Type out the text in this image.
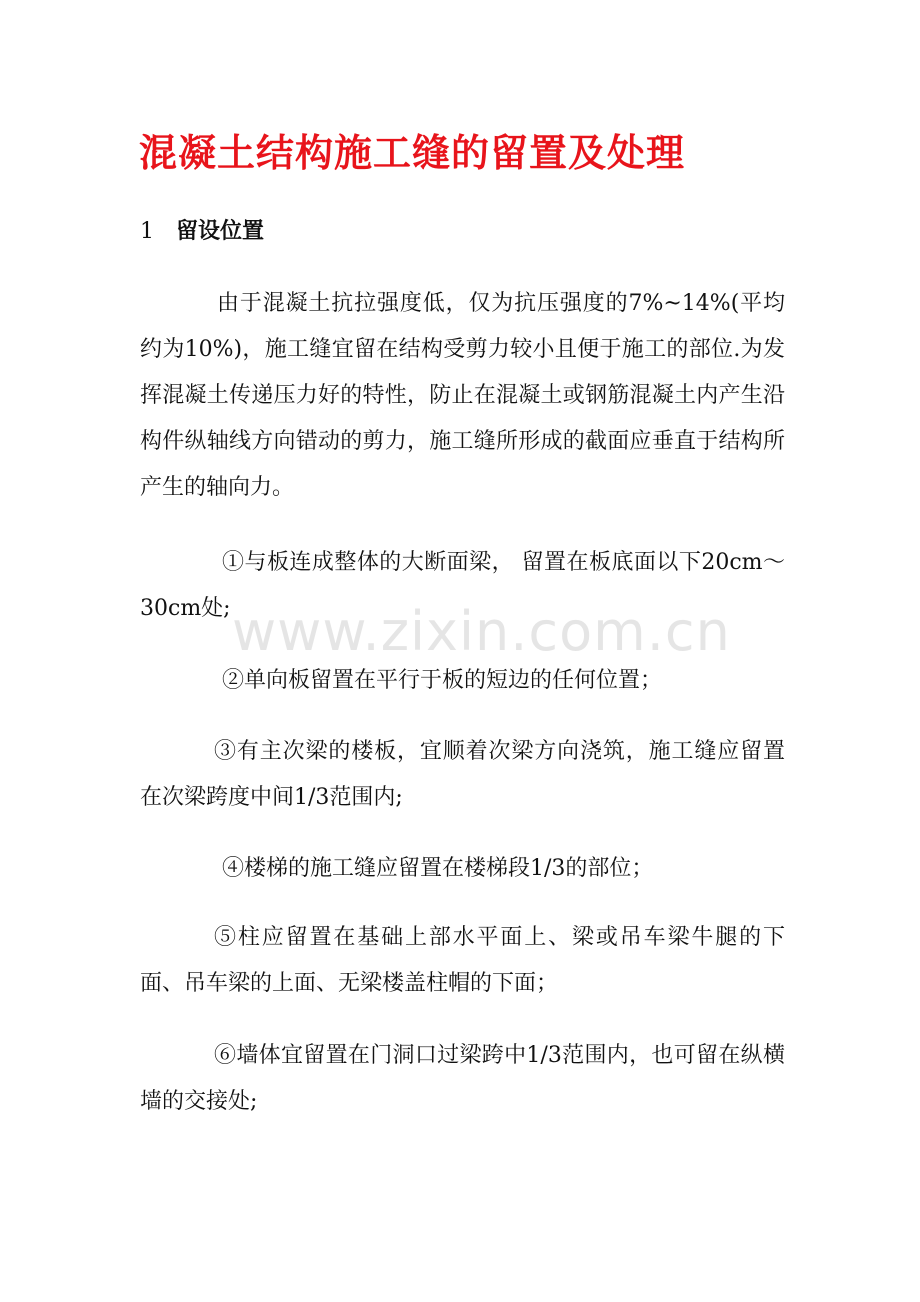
混凝土结构施工缝的留置及处理
1 留设位置

由于混凝土抗拉强度低，仅为抗压强度的7%~14%(平均约为10%)，施工缝宜留在结构受剪力较小且便于施工的部位.为发挥混凝土传递压力好的特性，防止在混凝土或钢筋混凝土内产生沿构件纵轴线方向错动的剪力，施工缝所形成的截面应垂直于结构所产生的轴向力。

①与板连成整体的大断面梁， 留置在板底面以下20cm～30cm处;

②单向板留置在平行于板的短边的任何位置；

③有主次梁的楼板，宜顺着次梁方向浇筑，施工缝应留置在次梁跨度中间1/3范围内;

④楼梯的施工缝应留置在楼梯段1/3的部位；

⑤柱应留置在基础上部水平面上、梁或吊车梁牛腿的下面、吊车梁的上面、无梁楼盖柱帽的下面；

⑥墙体宜留置在门洞口过梁跨中1/3范围内，也可留在纵横墙的交接处;

www.zixin.com.cn
